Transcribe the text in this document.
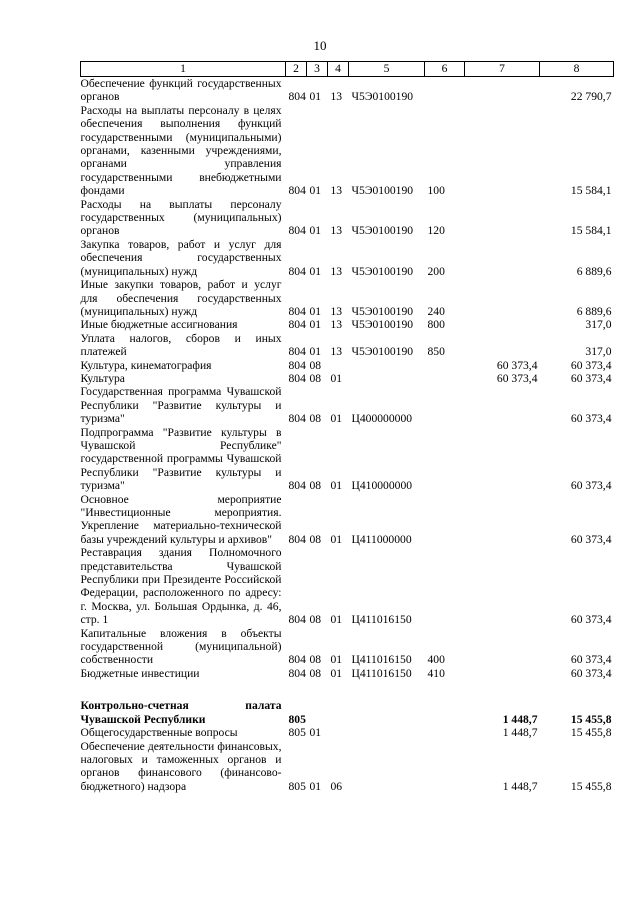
10
1	2	3	4	5	6	7	8
Обеспечение функций государственных органов	804	01	13	Ч5Э0100190			22 790,7
Расходы на выплаты персоналу в целях обеспечения выполнения функций государственными (муниципальными) органами, казенными учреждениями, органами управления государственными внебюджетными фондами	804	01	13	Ч5Э0100190	100		15 584,1
Расходы на выплаты персоналу государственных (муниципальных) органов	804	01	13	Ч5Э0100190	120		15 584,1
Закупка товаров, работ и услуг для обеспечения государственных (муниципальных) нужд	804	01	13	Ч5Э0100190	200		6 889,6
Иные закупки товаров, работ и услуг для обеспечения государственных (муниципальных) нужд	804	01	13	Ч5Э0100190	240		6 889,6
Иные бюджетные ассигнования	804	01	13	Ч5Э0100190	800		317,0
Уплата налогов, сборов и иных платежей	804	01	13	Ч5Э0100190	850		317,0
Культура, кинематография	804	08				60 373,4	60 373,4
Культура	804	08	01			60 373,4	60 373,4
Государственная программа Чувашской Республики "Развитие культуры и туризма"	804	08	01	Ц400000000			60 373,4
Подпрограмма "Развитие культуры в Чувашской Республике" государственной программы Чувашской Республики "Развитие культуры и туризма"	804	08	01	Ц410000000			60 373,4
Основное мероприятие "Инвестиционные мероприятия. Укрепление материально-технической базы учреждений культуры и архивов"	804	08	01	Ц411000000			60 373,4
Реставрация здания Полномочного представительства Чувашской Республики при Президенте Российской Федерации, расположенного по адресу: г. Москва, ул. Большая Ордынка, д. 46, стр. 1	804	08	01	Ц411016150			60 373,4
Капитальные вложения в объекты государственной (муниципальной) собственности	804	08	01	Ц411016150	400		60 373,4
Бюджетные инвестиции	804	08	01	Ц411016150	410		60 373,4

Контрольно-счетная палата Чувашской Республики	805					1 448,7	15 455,8
Общегосударственные вопросы	805	01				1 448,7	15 455,8
Обеспечение деятельности финансовых, налоговых и таможенных органов и органов финансового (финансово-бюджетного) надзора	805	01	06			1 448,7	15 455,8
